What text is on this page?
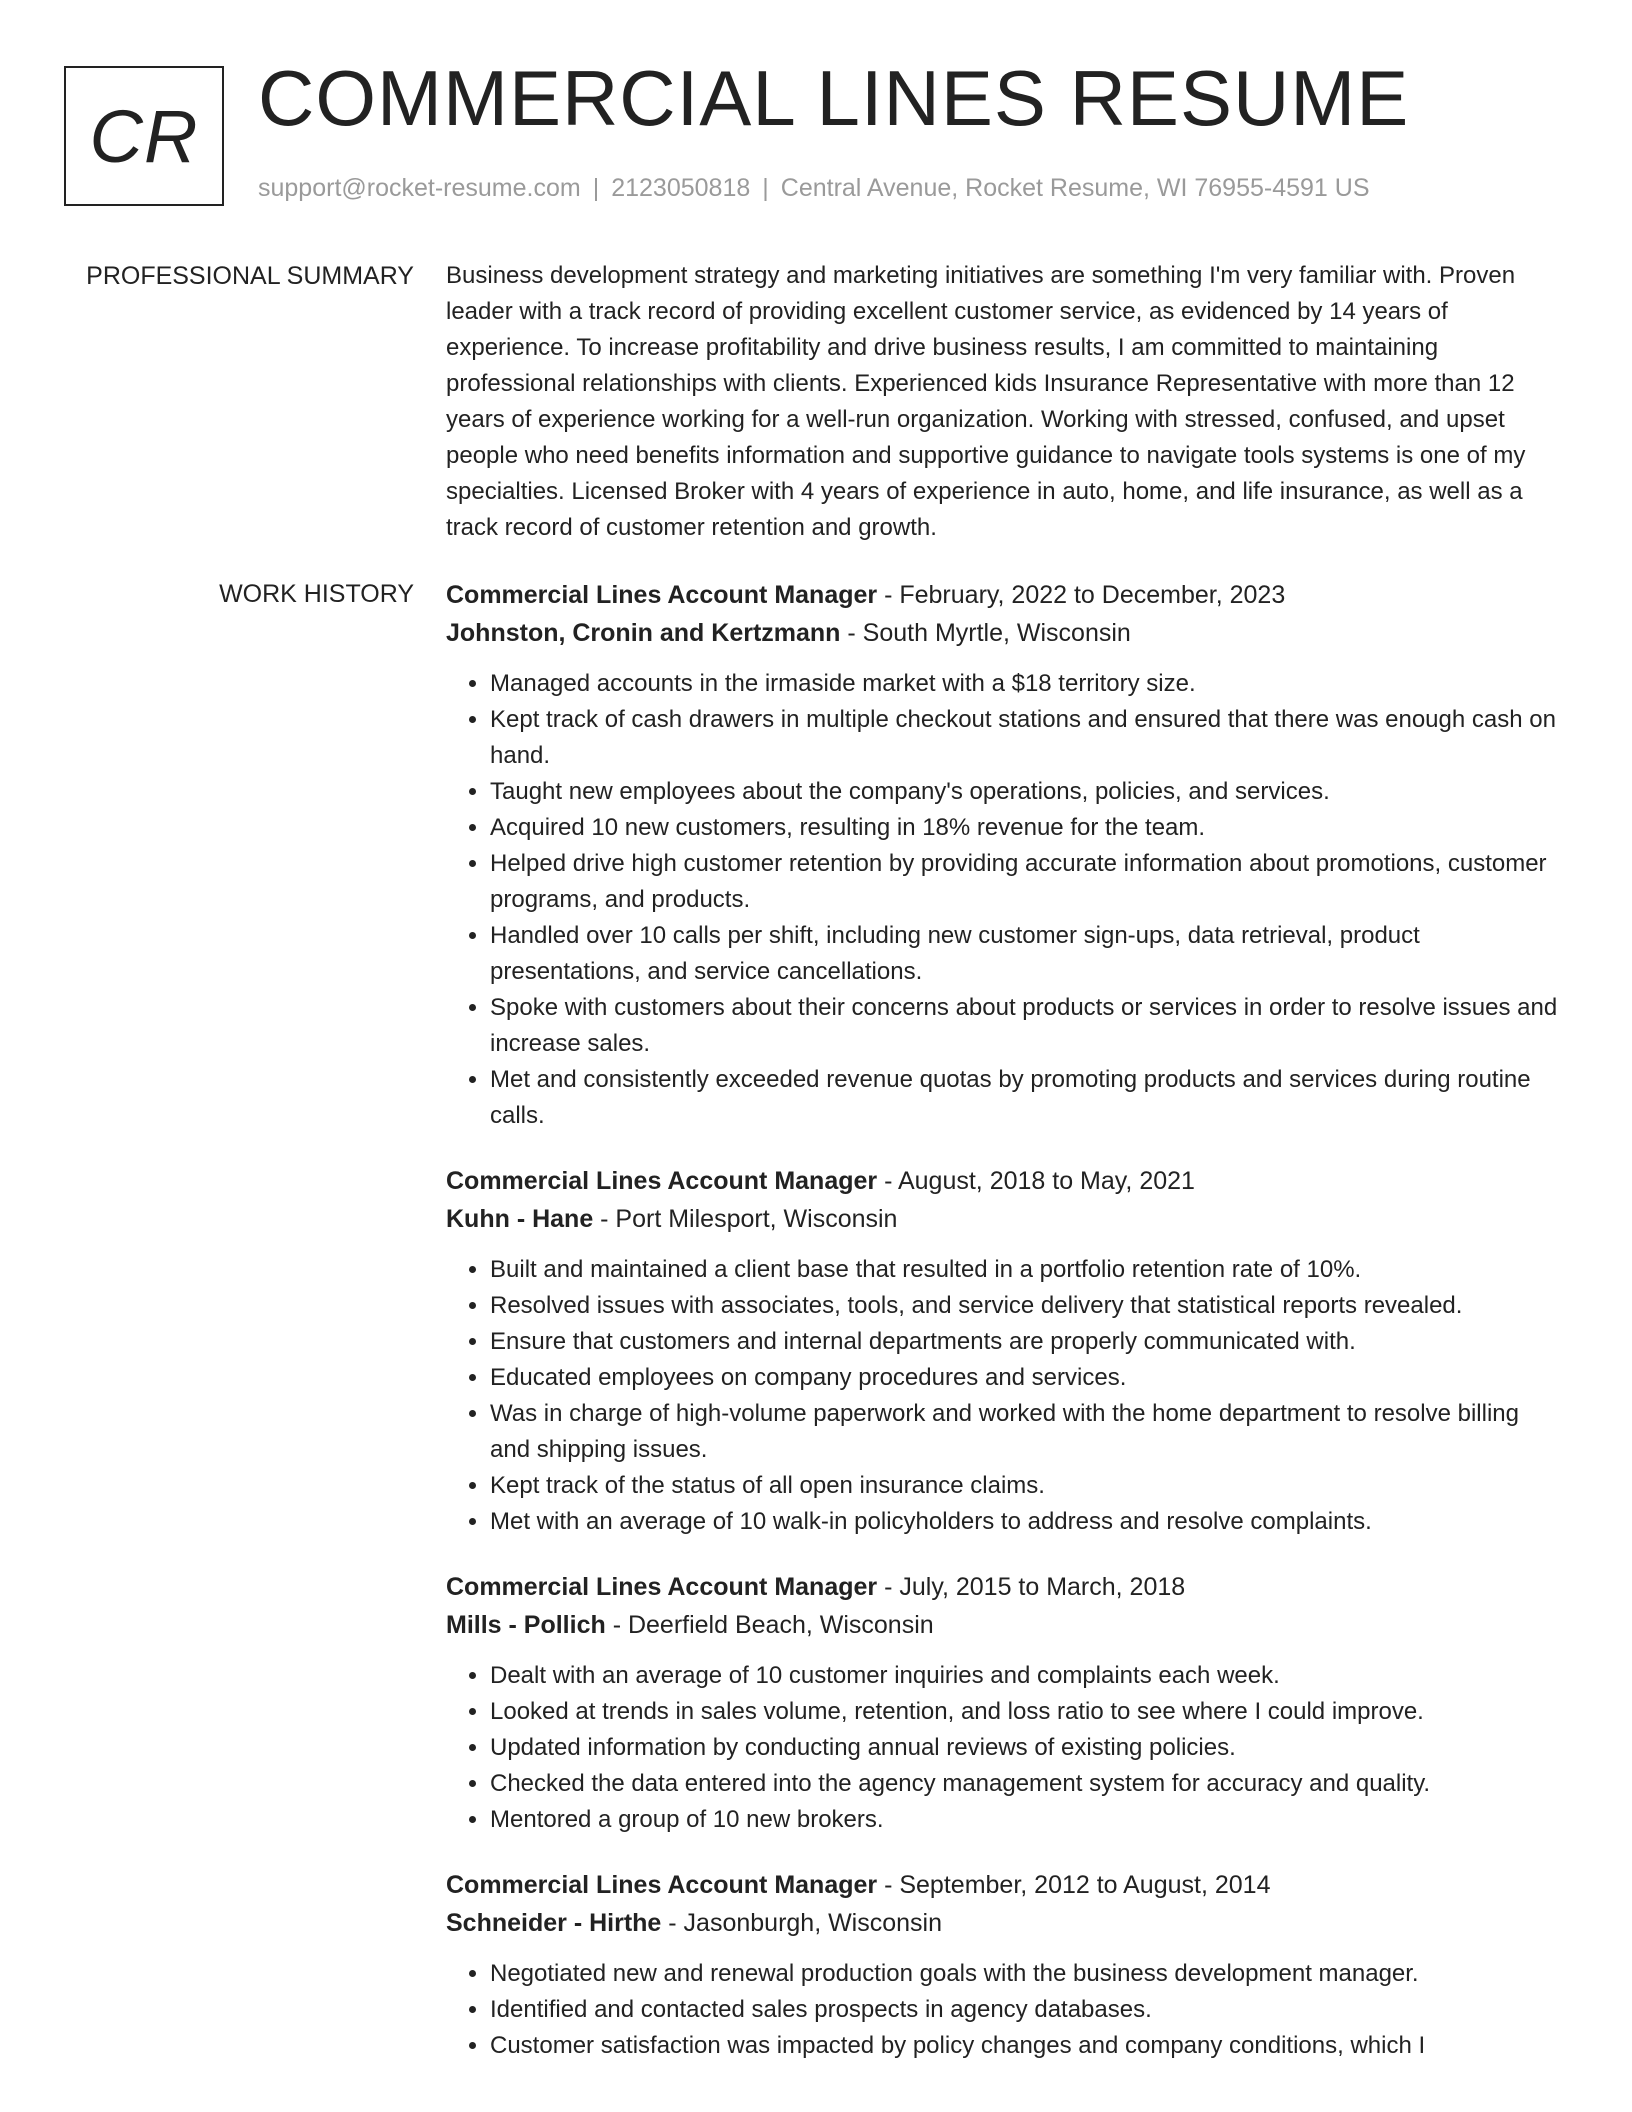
CR COMMERCIAL LINES RESUME
support@rocket-resume.com | 2123050818 | Central Avenue, Rocket Resume, WI 76955-4591 US
PROFESSIONAL SUMMARY Business development strategy and marketing initiatives are something I'm very familiar with. Proven leader with a track record of providing excellent customer service, as evidenced by 14 years of experience. To increase profitability and drive business results, I am committed to maintaining professional relationships with clients. Experienced kids Insurance Representative with more than 12 years of experience working for a well-run organization. Working with stressed, confused, and upset people who need benefits information and supportive guidance to navigate tools systems is one of my specialties. Licensed Broker with 4 years of experience in auto, home, and life insurance, as well as a track record of customer retention and growth.

WORK HISTORY Commercial Lines Account Manager - February, 2022 to December, 2023
Johnston, Cronin and Kertzmann - South Myrtle, Wisconsin
• Managed accounts in the irmaside market with a $18 territory size.
• Kept track of cash drawers in multiple checkout stations and ensured that there was enough cash on hand.
• Taught new employees about the company's operations, policies, and services.
• Acquired 10 new customers, resulting in 18% revenue for the team.
• Helped drive high customer retention by providing accurate information about promotions, customer programs, and products.
• Handled over 10 calls per shift, including new customer sign-ups, data retrieval, product presentations, and service cancellations.
• Spoke with customers about their concerns about products or services in order to resolve issues and increase sales.
• Met and consistently exceeded revenue quotas by promoting products and services during routine calls.
Commercial Lines Account Manager - August, 2018 to May, 2021
Kuhn - Hane - Port Milesport, Wisconsin
• Built and maintained a client base that resulted in a portfolio retention rate of 10%.
• Resolved issues with associates, tools, and service delivery that statistical reports revealed.
• Ensure that customers and internal departments are properly communicated with.
• Educated employees on company procedures and services.
• Was in charge of high-volume paperwork and worked with the home department to resolve billing and shipping issues.
• Kept track of the status of all open insurance claims.
• Met with an average of 10 walk-in policyholders to address and resolve complaints.
Commercial Lines Account Manager - July, 2015 to March, 2018
Mills - Pollich - Deerfield Beach, Wisconsin
• Dealt with an average of 10 customer inquiries and complaints each week.
• Looked at trends in sales volume, retention, and loss ratio to see where I could improve.
• Updated information by conducting annual reviews of existing policies.
• Checked the data entered into the agency management system for accuracy and quality.
• Mentored a group of 10 new brokers.
Commercial Lines Account Manager - September, 2012 to August, 2014
Schneider - Hirthe - Jasonburgh, Wisconsin
• Negotiated new and renewal production goals with the business development manager.
• Identified and contacted sales prospects in agency databases.
• Customer satisfaction was impacted by policy changes and company conditions, which I
